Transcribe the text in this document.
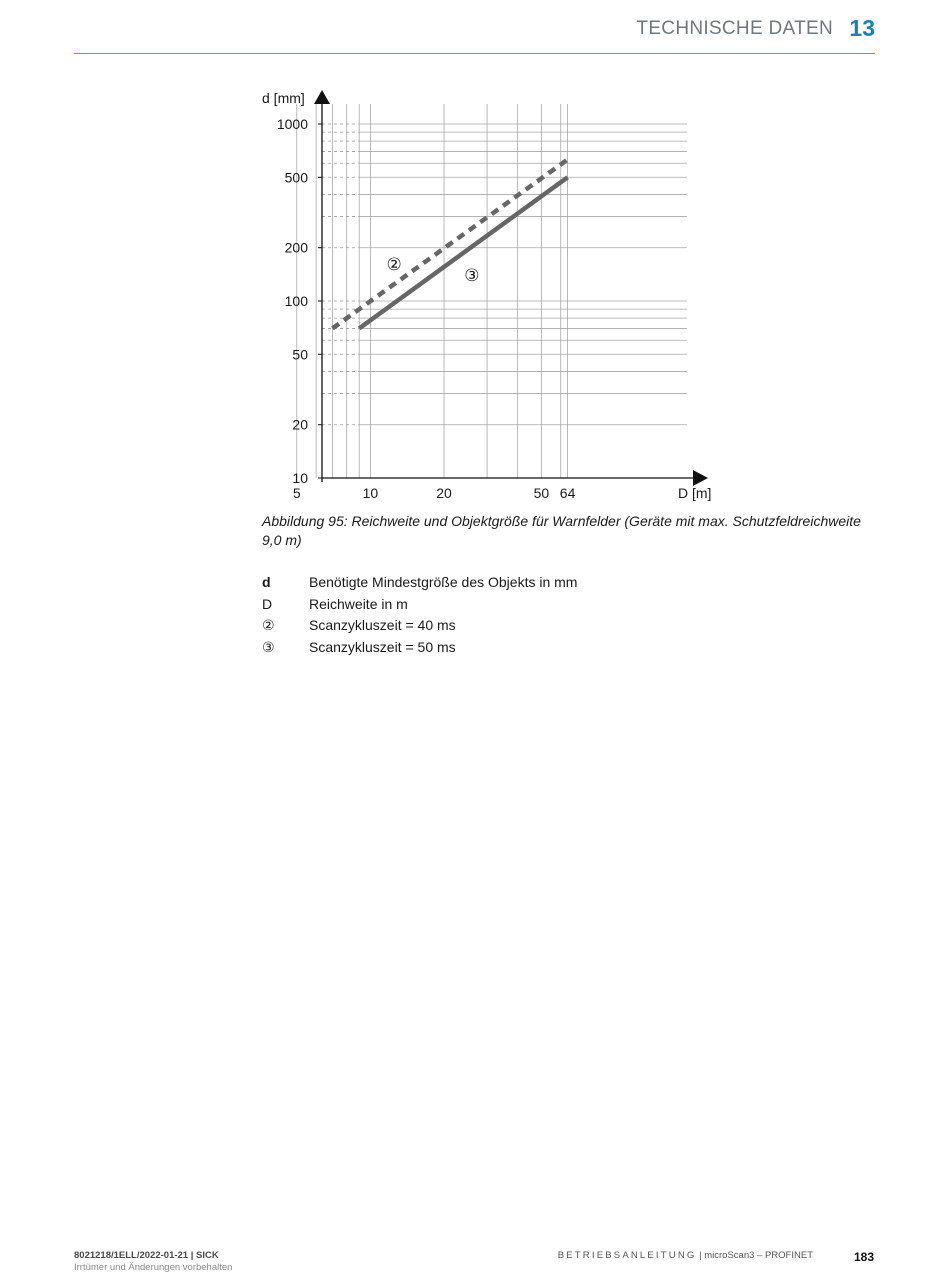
TECHNISCHE DATEN 13
d [mm]
D [m]
10
20
50
100
200
500
1000
5	10	20	50 64
②
③
Abbildung 95: Reichweite und Objektgröße für Warnfelder (Geräte mit max. Schutzfeldreichweite 9,0 m)
d	Benötigte Mindestgröße des Objekts in mm
D	Reichweite in m
② Scanzykluszeit = 40 ms
③ Scanzykluszeit = 50 ms
8021218/1ELL/2022-01-21 | SICK
Irrtümer und Änderungen vorbehalten
BETRIEBSANLEITUNG | microScan3 – PROFINET	183
